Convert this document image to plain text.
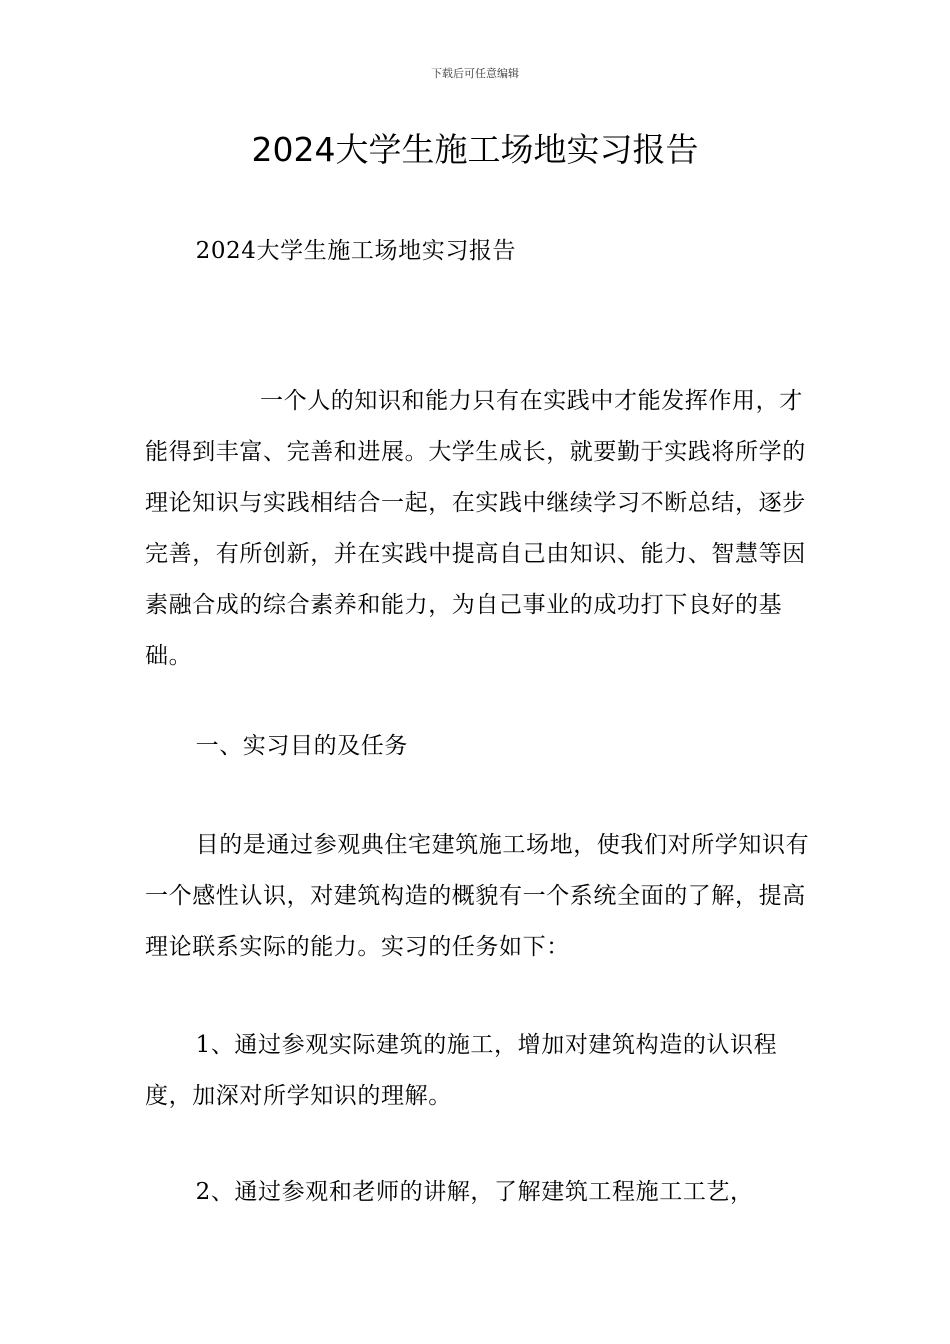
下载后可任意编辑
2024大学生施工场地实习报告

2024大学生施工场地实习报告

一个人的知识和能力只有在实践中才能发挥作用，才能得到丰富、完善和进展。大学生成长，就要勤于实践将所学的理论知识与实践相结合一起，在实践中继续学习不断总结，逐步完善，有所创新，并在实践中提高自己由知识、能力、智慧等因素融合成的综合素养和能力，为自己事业的成功打下良好的基础。

一、实习目的及任务

目的是通过参观典住宅建筑施工场地，使我们对所学知识有一个感性认识，对建筑构造的概貌有一个系统全面的了解，提高理论联系实际的能力。实习的任务如下：

1、通过参观实际建筑的施工，增加对建筑构造的认识程度，加深对所学知识的理解。

2、通过参观和老师的讲解，了解建筑工程施工工艺，
